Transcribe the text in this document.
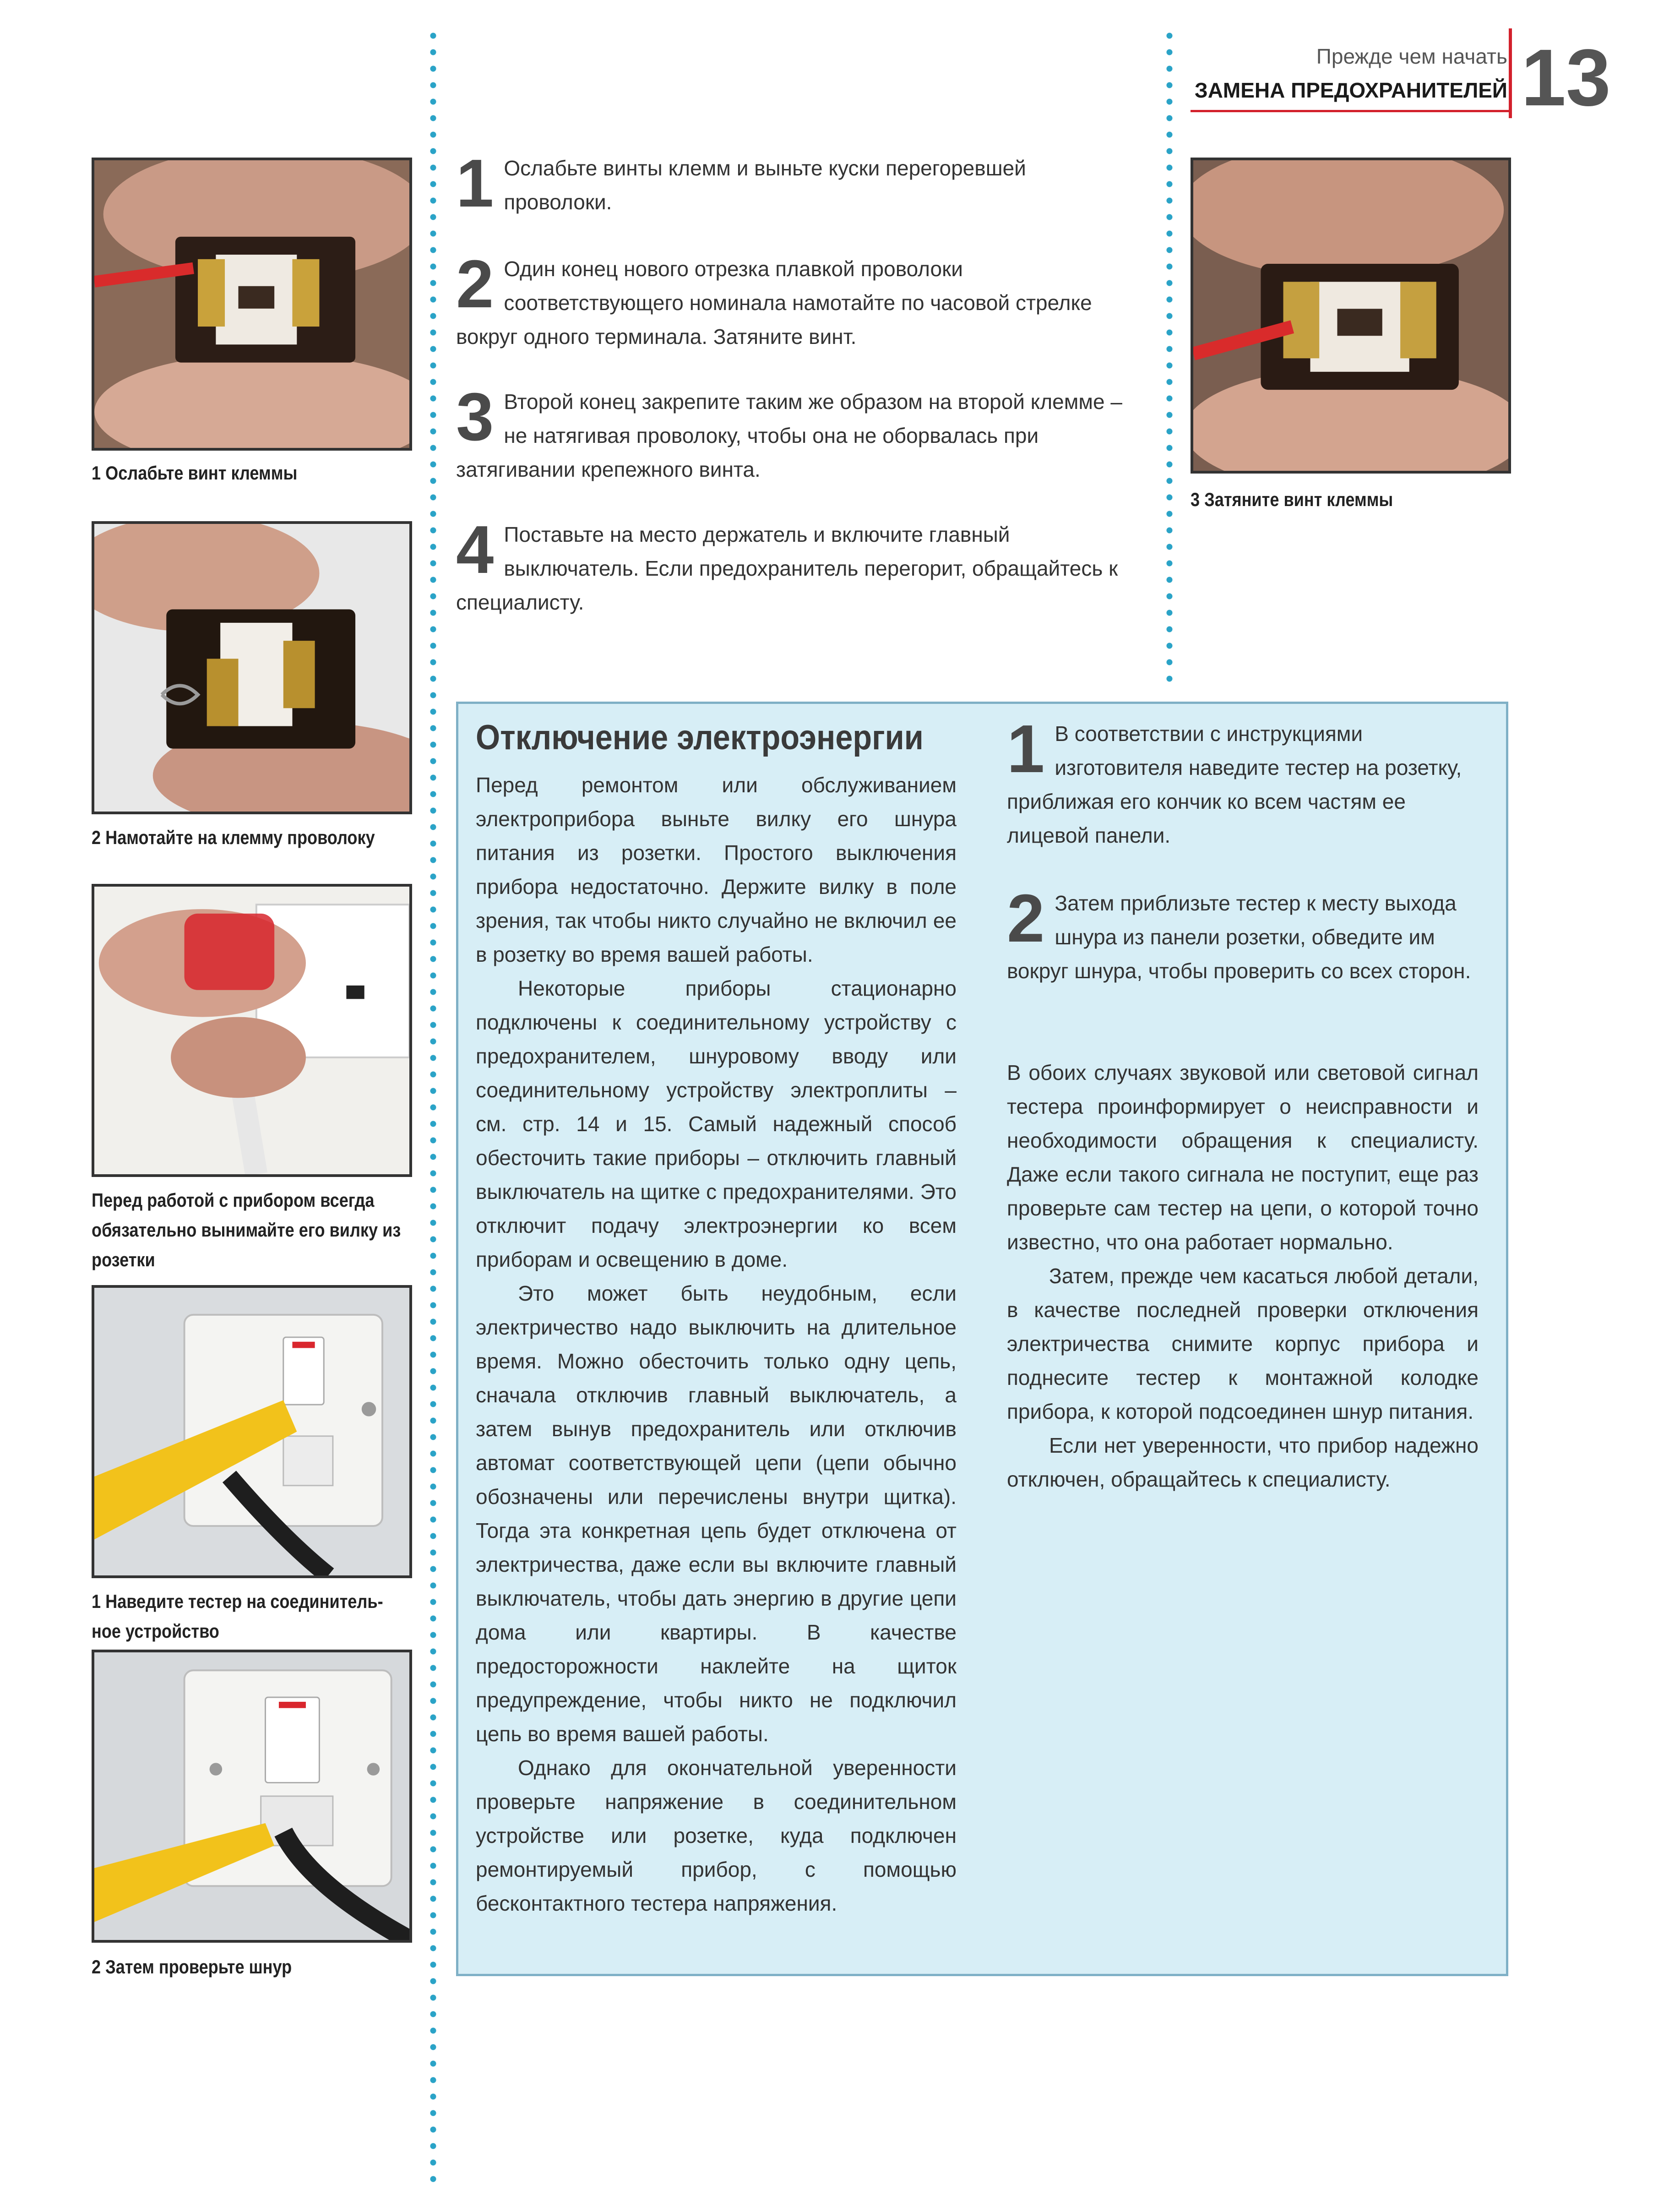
Прежде чем начать
ЗАМЕНА ПРЕДОХРАНИТЕЛЕЙ 13
1 Ослабьте винт клеммы
2 Намотайте на клемму проволоку
Перед работой с прибором всегда обязательно вынимайте его вилку из розетки
1 Наведите тестер на соединительное устройство
2 Затем проверьте шнур
3 Затяните винт клеммы
1 Ослабьте винты клемм и выньте куски перегоревшей проволоки.
2 Один конец нового отрезка плавкой проволоки соответствующего номинала намотайте по часовой стрелке вокруг одного терминала. Затяните винт.
3 Второй конец закрепите таким же образом на второй клемме – не натягивая проволоку, чтобы она не оборвалась при затягивании крепежного винта.
4 Поставьте на место держатель и включите главный выключатель. Если предохранитель перегорит, обращайтесь к специалисту.
Отключение электроэнергии

Перед ремонтом или обслуживанием электроприбора выньте вилку его шнура питания из розетки. Простого выключения прибора недостаточно. Держите вилку в поле зрения, так чтобы никто случайно не включил ее в розетку во время вашей работы.

Некоторые приборы стационарно подключены к соединительному устройству с предохранителем, шнуровому вводу или соединительному устройству электроплиты – см. стр. 14 и 15. Самый надежный способ обесточить такие приборы – отключить главный выключатель на щитке с предохранителями. Это отключит подачу электроэнергии ко всем приборам и освещению в доме.

Это может быть неудобным, если электричество надо выключить на длительное время. Можно обесточить только одну цепь, сначала отключив главный выключатель, а затем вынув предохранитель или отключив автомат соответствующей цепи (цепи обычно обозначены или перечислены внутри щитка). Тогда эта конкретная цепь будет отключена от электричества, даже если вы включите главный выключатель, чтобы дать энергию в другие цепи дома или квартиры. В качестве предосторожности наклейте на щиток предупреждение, чтобы никто не подключил цепь во время вашей работы.

Однако для окончательной уверенности проверьте напряжение в соединительном устройстве или розетке, куда подключен ремонтируемый прибор, с помощью бесконтактного тестера напряжения.

1 В соответствии с инструкциями изготовителя наведите тестер на розетку, приближая его кончик ко всем частям ее лицевой панели.
2 Затем приблизьте тестер к месту выхода шнура из панели розетки, обведите им вокруг шнура, чтобы проверить со всех сторон.

В обоих случаях звуковой или световой сигнал тестера проинформирует о неисправности и необходимости обращения к специалисту. Даже если такого сигнала не поступит, еще раз проверьте сам тестер на цепи, о которой точно известно, что она работает нормально.

Затем, прежде чем касаться любой детали, в качестве последней проверки отключения электричества снимите корпус прибора и поднесите тестер к монтажной колодке прибора, к которой подсоединен шнур питания.

Если нет уверенности, что прибор надежно отключен, обращайтесь к специалисту.
